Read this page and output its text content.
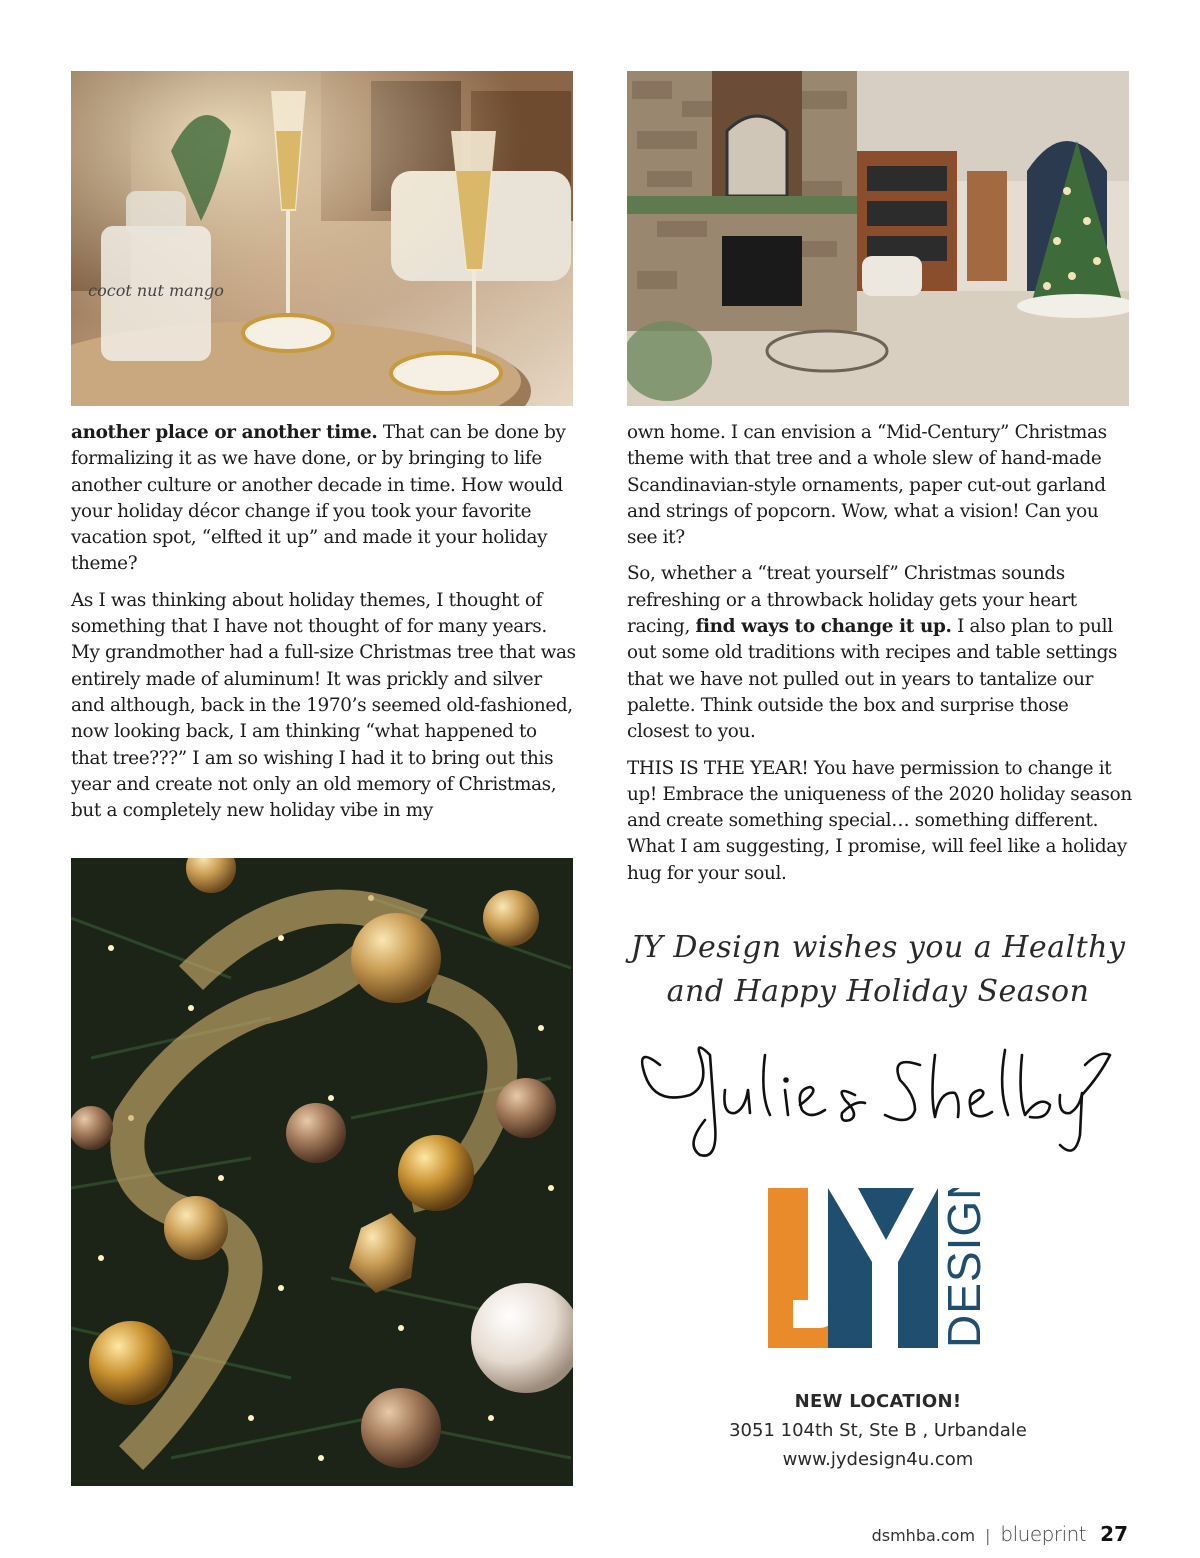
cocot nut mango

another place or another time. That can be done by formalizing it as we have done, or by bringing to life another culture or another decade in time. How would your holiday décor change if you took your favorite vacation spot, “elfted it up” and made it your holiday theme?

As I was thinking about holiday themes, I thought of something that I have not thought of for many years. My grandmother had a full-size Christmas tree that was entirely made of aluminum! It was prickly and silver and although, back in the 1970’s seemed old-fashioned, now looking back, I am thinking “what happened to that tree???” I am so wishing I had it to bring out this year and create not only an old memory of Christmas, but a completely new holiday vibe in my

own home. I can envision a “Mid-Century” Christmas theme with that tree and a whole slew of hand-made Scandinavian-style ornaments, paper cut-out garland and strings of popcorn. Wow, what a vision! Can you see it?

So, whether a “treat yourself” Christmas sounds refreshing or a throwback holiday gets your heart racing, find ways to change it up. I also plan to pull out some old traditions with recipes and table settings that we have not pulled out in years to tantalize our palette. Think outside the box and surprise those closest to you.

THIS IS THE YEAR! You have permission to change it up! Embrace the uniqueness of the 2020 holiday season and create something special… something different. What I am suggesting, I promise, will feel like a holiday hug for your soul.

JY Design wishes you a Healthy
and Happy Holiday Season
DESIGN
NEW LOCATION!
3051 104th St, Ste B , Urbandale
www.jydesign4u.com
dsmhba.com | blueprint 27
